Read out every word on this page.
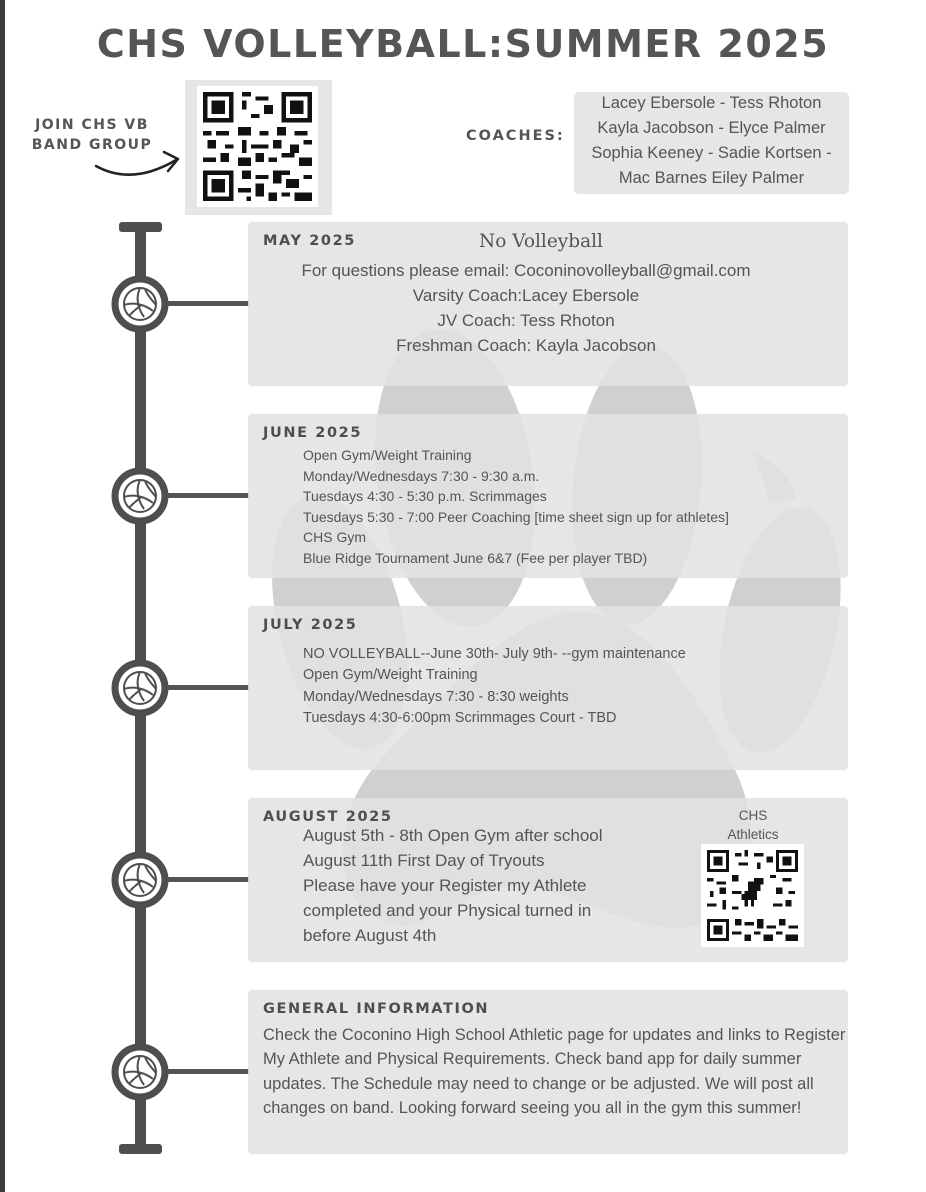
CHS VOLLEYBALL:SUMMER 2025
JOIN CHS VB
BAND GROUP
COACHES:
Lacey Ebersole - Tess Rhoton
Kayla Jacobson - Elyce Palmer
Sophia Keeney - Sadie Kortsen -
Mac Barnes Eiley Palmer
MAY 2025	No Volleyball
For questions please email: Coconinovolleyball@gmail.com
Varsity Coach:Lacey Ebersole
JV Coach: Tess Rhoton
Freshman Coach: Kayla Jacobson
JUNE 2025
Open Gym/Weight Training
Monday/Wednesdays 7:30 - 9:30 a.m.
Tuesdays 4:30 - 5:30 p.m. Scrimmages
Tuesdays 5:30 - 7:00 Peer Coaching [time sheet sign up for athletes]
CHS Gym
Blue Ridge Tournament June 6&7 (Fee per player TBD)
JULY 2025
NO VOLLEYBALL--June 30th- July 9th- --gym maintenance
Open Gym/Weight Training
Monday/Wednesdays 7:30 - 8:30 weights
Tuesdays 4:30-6:00pm Scrimmages Court - TBD
AUGUST 2025
August 5th - 8th Open Gym after school
August 11th First Day of Tryouts
Please have your Register my Athlete
completed and your Physical turned in
before August 4th
CHS
Athletics
GENERAL INFORMATION
Check the Coconino High School Athletic page for updates and links to Register My Athlete and Physical Requirements. Check band app for daily summer updates. The Schedule may need to change or be adjusted. We will post all changes on band. Looking forward seeing you all in the gym this summer!
